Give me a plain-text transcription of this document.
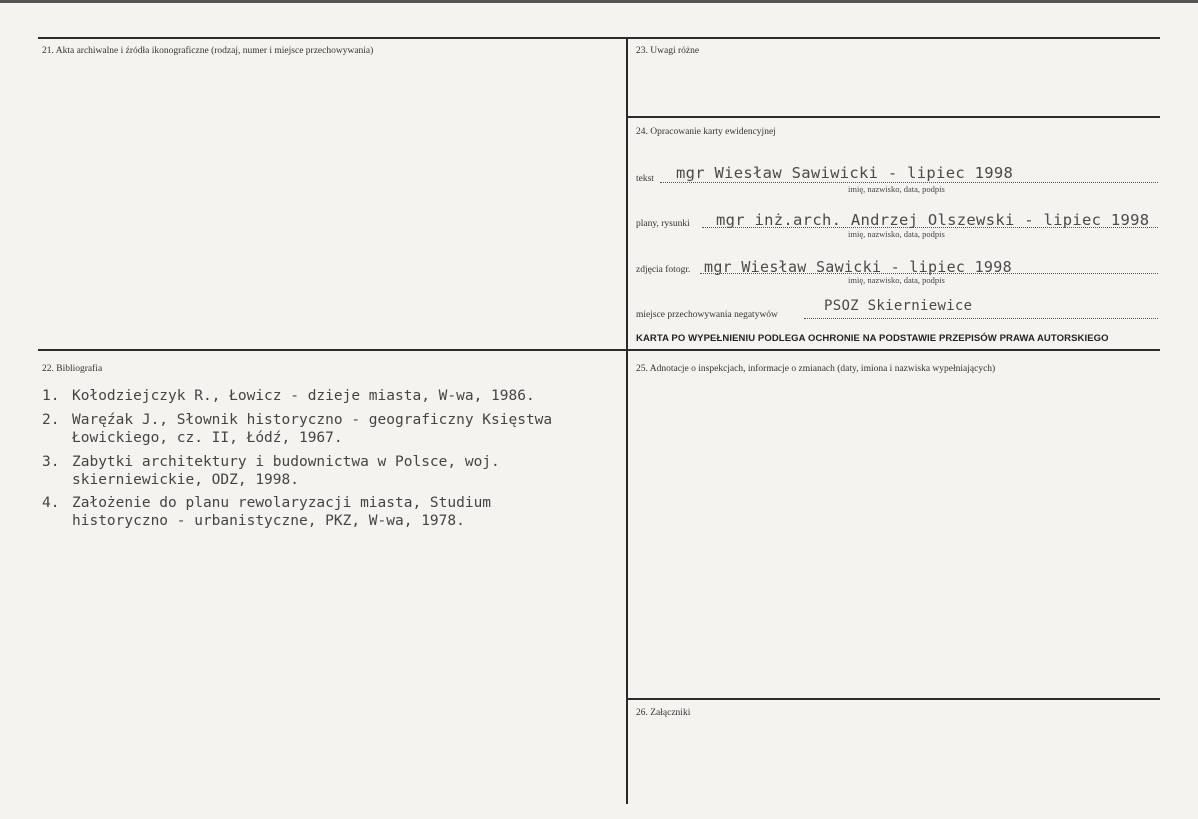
21. Akta archiwalne i źródła ikonograficzne (rodzaj, numer i miejsce przechowywania)	23. Uwagi różne
24. Opracowanie karty ewidencyjnej
tekst mgr Wiesław Sawiwicki - lipiec 1998
imię, nazwisko, data, podpis
plany, rysunki mgr inż.arch. Andrzej Olszewski - lipiec 1998
imię, nazwisko, data, podpis
zdjęcia fotogr. mgr Wiesław Sawicki - lipiec 1998
imię, nazwisko, data, podpis
miejsce przechowywania negatywów
PSOZ Skierniewice
KARTA PO WYPEŁNIENIU PODLEGA OCHRONIE NA PODSTAWIE PRZEPISÓW PRAWA AUTORSKIEGO
22. Bibliografia
1. Kołodziejczyk R., Łowicz - dzieje miasta, W-wa, 1986.
2. Waręźak J., Słownik historyczno - geograficzny Księstwa
Łowickiego, cz. II, Łódź, 1967.
3. Zabytki architektury i budownictwa w Polsce, woj.
skierniewickie, ODZ, 1998.
4. Założenie do planu rewolaryzacji miasta, Studium
historyczno - urbanistyczne, PKZ, W-wa, 1978.
25. Adnotacje o inspekcjach, informacje o zmianach (daty, imiona i nazwiska wypełniających)
26. Załączniki
